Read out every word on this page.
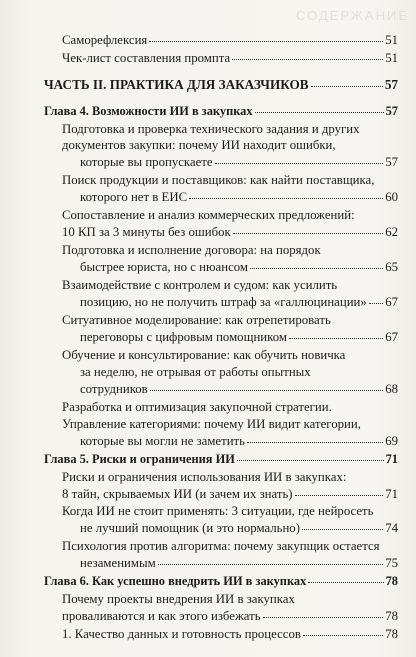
СОДЕРЖАНИЕ
Саморефлексия	51
Чек-лист составления промпта	51
ЧАСТЬ II. ПРАКТИКА ДЛЯ ЗАКАЗЧИКОВ	57
Глава 4. Возможности ИИ в закупках	57
Подготовка и проверка технического задания и других
документов закупки: почему ИИ находит ошибки,
которые вы пропускаете	57
Поиск продукции и поставщиков: как найти поставщика,
которого нет в ЕИС	60
Сопоставление и анализ коммерческих предложений:
10 КП за 3 минуты без ошибок	62
Подготовка и исполнение договора: на порядок
быстрее юриста, но с нюансом	65
Взаимодействие с контролем и судом: как усилить
позицию, но не получить штраф за «галлюцинации» 67
Ситуативное моделирование: как отрепетировать
переговоры с цифровым помощником	67
Обучение и консультирование: как обучить новичка
за неделю, не отрывая от работы опытных
сотрудников	68
Разработка и оптимизация закупочной стратегии.
Управление категориями: почему ИИ видит категории,
которые вы могли не заметить	69
Глава 5. Риски и ограничения ИИ	71
Риски и ограничения использования ИИ в закупках:
8 тайн, скрываемых ИИ (и зачем их знать)	71
Когда ИИ не стоит применять: 3 ситуации, где нейросеть
не лучший помощник (и это нормально)	74
Психология против алгоритма: почему закупщик остается
незаменимым	75
Глава 6. Как успешно внедрить ИИ в закупках	78
Почему проекты внедрения ИИ в закупках
проваливаются и как этого избежать	78
1. Качество данных и готовность процессов	78
